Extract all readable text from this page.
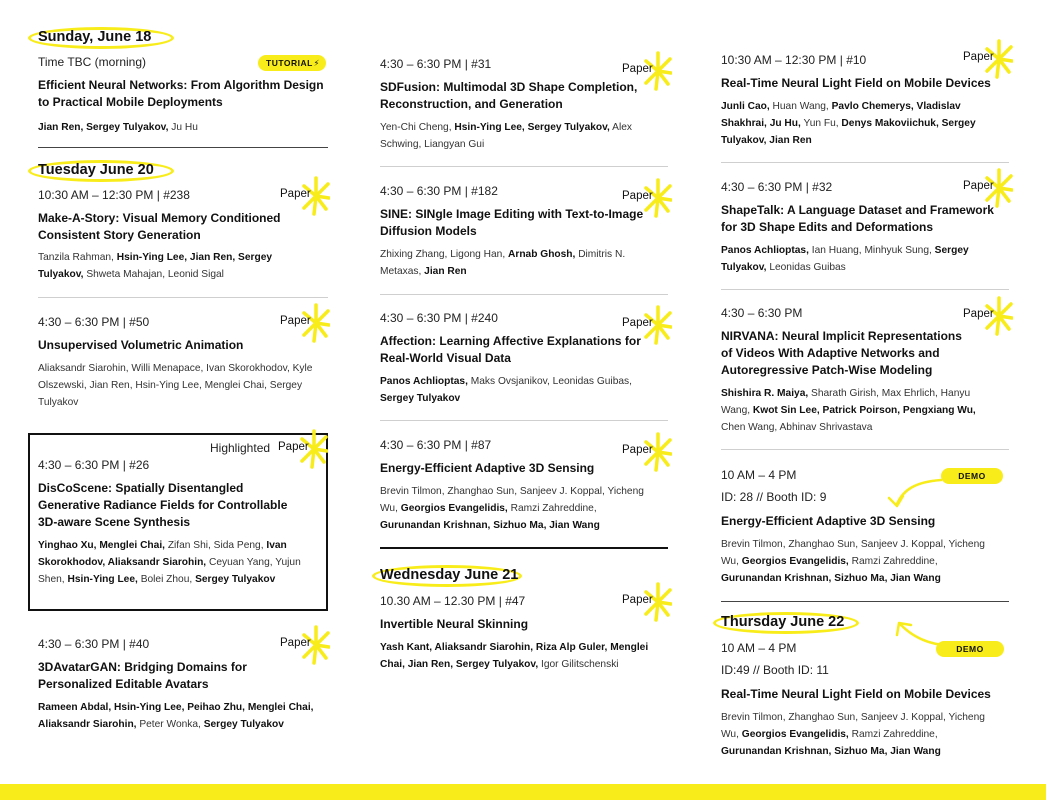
Sunday, June 18
Time TBC (morning)	TUTORIAL ⚡
Efficient Neural Networks: From Algorithm Design to Practical Mobile Deployments
Jian Ren, Sergey Tulyakov, Ju Hu
Tuesday June 20
10:30 AM – 12:30 PM | #238	Paper
Make-A-Story: Visual Memory Conditioned Consistent Story Generation
Tanzila Rahman, Hsin-Ying Lee, Jian Ren, Sergey Tulyakov, Shweta Mahajan, Leonid Sigal
4:30 – 6:30 PM | #50	Paper
Unsupervised Volumetric Animation
Aliaksandr Siarohin, Willi Menapace, Ivan Skorokhodov, Kyle Olszewski, Jian Ren, Hsin-Ying Lee, Menglei Chai, Sergey Tulyakov
Highlighted Paper
4:30 – 6:30 PM | #26
DisCoScene: Spatially Disentangled Generative Radiance Fields for Controllable 3D-aware Scene Synthesis
Yinghao Xu, Menglei Chai, Zifan Shi, Sida Peng, Ivan Skorokhodov, Aliaksandr Siarohin, Ceyuan Yang, Yujun Shen, Hsin-Ying Lee, Bolei Zhou, Sergey Tulyakov
4:30 – 6:30 PM | #40	Paper
3DAvatarGAN: Bridging Domains for Personalized Editable Avatars
Rameen Abdal, Hsin-Ying Lee, Peihao Zhu, Menglei Chai, Aliaksandr Siarohin, Peter Wonka, Sergey Tulyakov
4:30 – 6:30 PM | #31	Paper
SDFusion: Multimodal 3D Shape Completion, Reconstruction, and Generation
Yen-Chi Cheng, Hsin-Ying Lee, Sergey Tulyakov, Alex Schwing, Liangyan Gui
4:30 – 6:30 PM | #182	Paper
SINE: SINgle Image Editing with Text-to-Image Diffusion Models
Zhixing Zhang, Ligong Han, Arnab Ghosh, Dimitris N. Metaxas, Jian Ren
4:30 – 6:30 PM | #240	Paper
Affection: Learning Affective Explanations for Real-World Visual Data
Panos Achlioptas, Maks Ovsjanikov, Leonidas Guibas, Sergey Tulyakov
4:30 – 6:30 PM | #87	Paper
Energy-Efficient Adaptive 3D Sensing
Brevin Tilmon, Zhanghao Sun, Sanjeev J. Koppal, Yicheng Wu, Georgios Evangelidis, Ramzi Zahreddine, Gurunandan Krishnan, Sizhuo Ma, Jian Wang
Wednesday June 21
10.30 AM – 12.30 PM | #47	Paper
Invertible Neural Skinning
Yash Kant, Aliaksandr Siarohin, Riza Alp Guler, Menglei Chai, Jian Ren, Sergey Tulyakov, Igor Gilitschenski
10:30 AM – 12:30 PM | #10	Paper
Real-Time Neural Light Field on Mobile Devices
Junli Cao, Huan Wang, Pavlo Chemerys, Vladislav Shakhrai, Ju Hu, Yun Fu, Denys Makoviichuk, Sergey Tulyakov, Jian Ren
4:30 – 6:30 PM | #32	Paper
ShapeTalk: A Language Dataset and Framework for 3D Shape Edits and Deformations
Panos Achlioptas, Ian Huang, Minhyuk Sung, Sergey Tulyakov, Leonidas Guibas
4:30 – 6:30 PM	Paper
NIRVANA: Neural Implicit Representations of Videos With Adaptive Networks and Autoregressive Patch-Wise Modeling
Shishira R. Maiya, Sharath Girish, Max Ehrlich, Hanyu Wang, Kwot Sin Lee, Patrick Poirson, Pengxiang Wu, Chen Wang, Abhinav Shrivastava
10 AM – 4 PM	DEMO
ID: 28 // Booth ID: 9
Energy-Efficient Adaptive 3D Sensing
Brevin Tilmon, Zhanghao Sun, Sanjeev J. Koppal, Yicheng Wu, Georgios Evangelidis, Ramzi Zahreddine, Gurunandan Krishnan, Sizhuo Ma, Jian Wang
Thursday June 22
10 AM – 4 PM	DEMO
ID:49 // Booth ID: 11
Real-Time Neural Light Field on Mobile Devices
Brevin Tilmon, Zhanghao Sun, Sanjeev J. Koppal, Yicheng Wu, Georgios Evangelidis, Ramzi Zahreddine, Gurunandan Krishnan, Sizhuo Ma, Jian Wang
